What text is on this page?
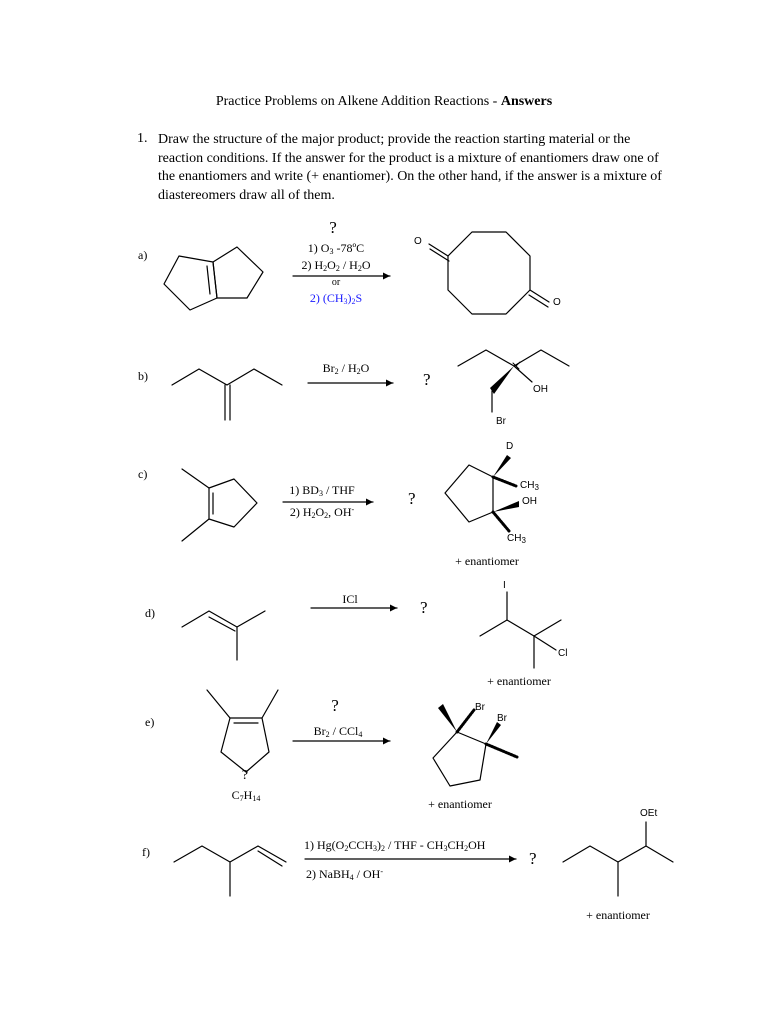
Practice Problems on Alkene Addition Reactions - Answers
1. Draw the structure of the major product; provide the reaction starting material or the reaction conditions. If the answer for the product is a mixture of enantiomers draw one of the enantiomers and write (+ enantiomer). On the other hand, if the answer is a mixture of diastereomers draw all of them.
a)
?
1) $O_3$ -78ºC
2) $H_2O_2 / H_2O$
or
2) $(CH_3)_2S$
O
O
b)
$Br_2 / H_2O$
?
OH
Br
c)
1) $BD_3$ / THF
2) $H_2O_2$, OH-
?
D
$CH_3$
OH
$CH_3$
+ enantiomer
d)
ICl	?
I
Cl
+ enantiomer
e)
?
$Br_2 / CCl_4$
?
$C_7H_{14}$
Br
Br
+ enantiomer
f)	1) $Hg(O_2CCH_3)_2$ / THF - $CH_3CH_2OH$
2) NaBH$_4$ / OH-
?
OEt
+ enantiomer
